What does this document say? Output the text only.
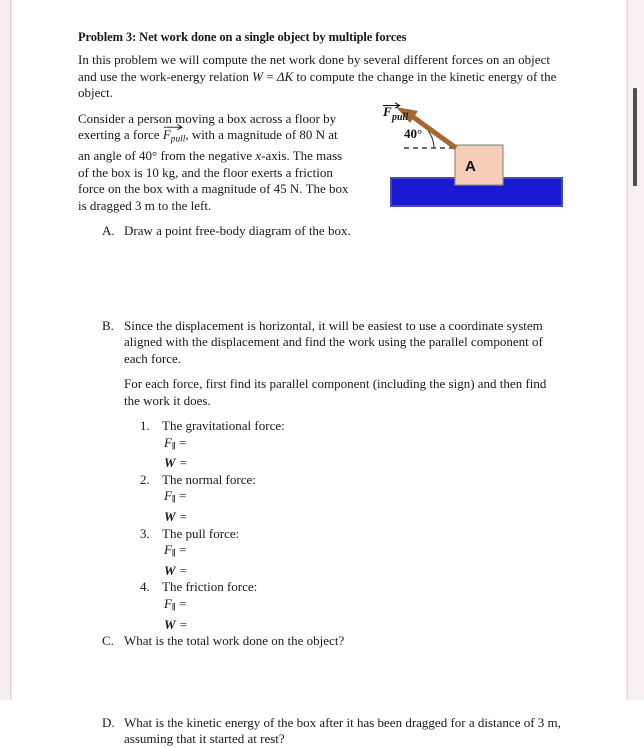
Problem 3: Net work done on a single object by multiple forces

In this problem we will compute the net work done by several different forces on an object and use the work-energy relation W = ΔK to compute the change in the kinetic energy of the object.

Consider a person moving a box across a floor by exerting a force
$F_{pull}$, with a magnitude of 80 N at an angle of 40° from the negative x-axis. The mass of the box is 10 kg, and the floor exerts a friction force on the box with a magnitude of 45 N. The box is dragged 3 m to the left.

A. Draw a point free-body diagram of the box.
B. Since the displacement is horizontal, it will be easiest to use a coordinate system aligned with the displacement and find the work using the parallel component of each force.
For each force, first find its parallel component (including the sign) and then find the work it does.
1. The gravitational force:
F‖ =
W =
2. The normal force:
F‖ =
W =
3. The pull force:
F‖ =
W =
4. The friction force:
F‖ =
W =
C. What is the total work done on the object?
D. What is the kinetic energy of the box after it has been dragged for a distance of 3 m, assuming that it started at rest?
40°
A
F pull
